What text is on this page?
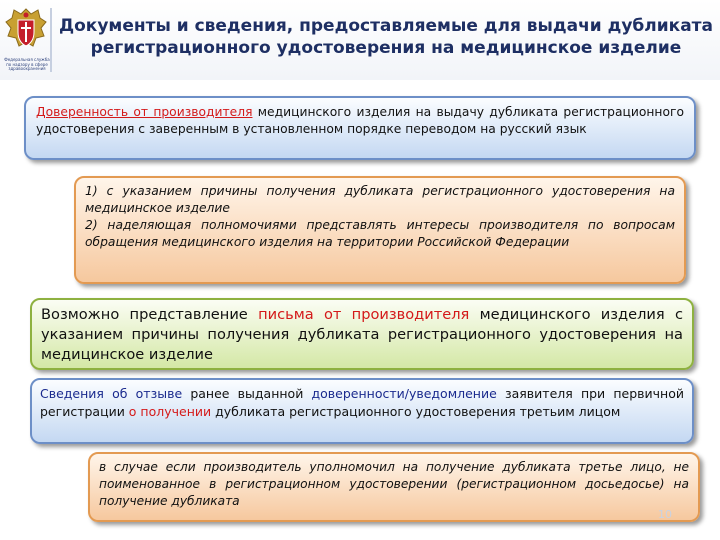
Федеральная служба
по надзору в сфере
здравоохранения
Документы и сведения, предоставляемые для выдачи дубликата
регистрационного удостоверения на медицинское изделие

Доверенность от производителя медицинского изделия на выдачу дубликата регистрационного удостоверения с заверенным в установленном порядке переводом на русский язык

1) с указанием причины получения дубликата регистрационного удостоверения на медицинское изделие

2) наделяющая полномочиями представлять интересы производителя по вопросам обращения медицинского изделия на территории Российской Федерации

Возможно представление письма от производителя медицинского изделия с указанием причины получения дубликата регистрационного удостоверения на медицинское изделие

Сведения об отзыве ранее выданной доверенности/уведомление заявителя при первичной регистрации о получении дубликата регистрационного удостоверения третьим лицом

в случае если производитель уполномочил на получение дубликата третье лицо, не поименованное в регистрационном удостоверении (регистрационном досьедосье) на получение дубликата

10
